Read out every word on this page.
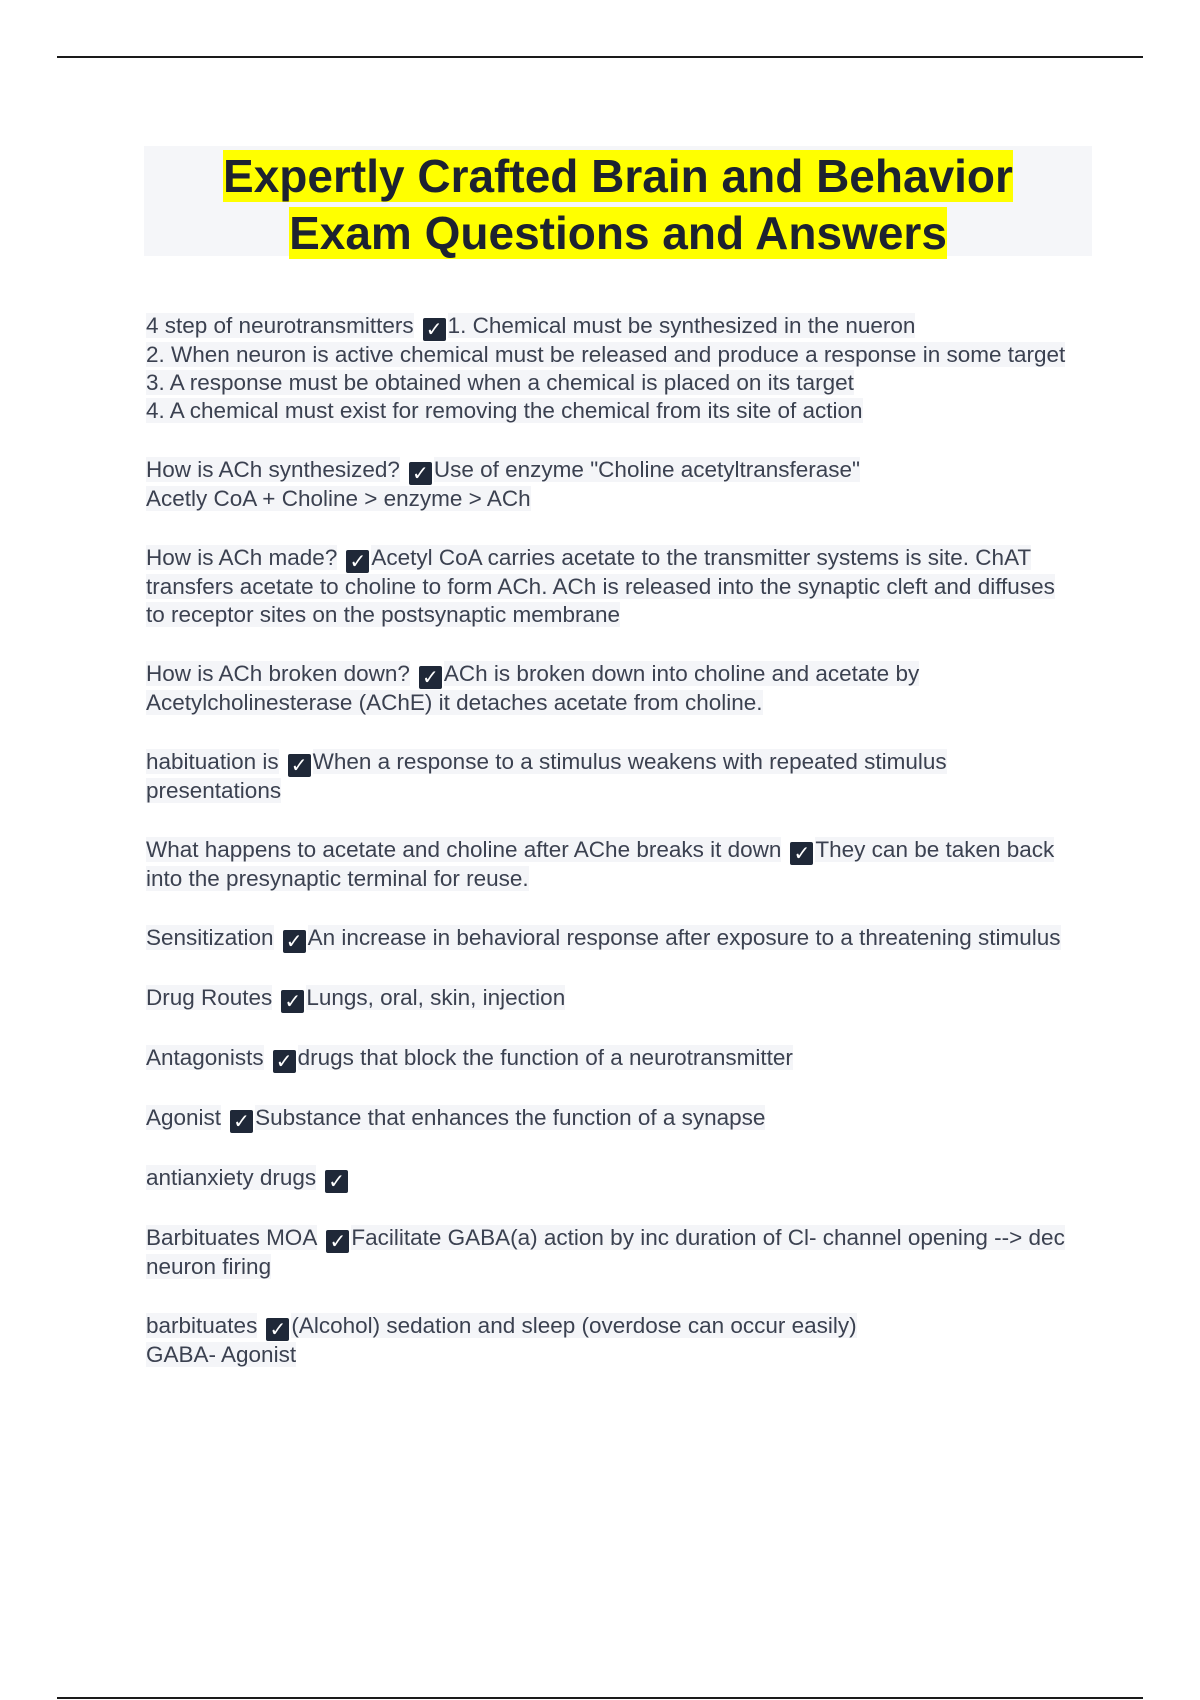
Expertly Crafted Brain and Behavior
Exam Questions and Answers
4 step of neurotransmitters ✓ 1. Chemical must be synthesized in the nueron
2. When neuron is active chemical must be released and produce a response in some target
3. A response must be obtained when a chemical is placed on its target
4. A chemical must exist for removing the chemical from its site of action
How is ACh synthesized? ✓ Use of enzyme "Choline acetyltransferase"
Acetly CoA + Choline > enzyme > ACh
How is ACh made? ✓ Acetyl CoA carries acetate to the transmitter systems is site. ChAT transfers acetate to choline to form ACh. ACh is released into the synaptic cleft and diffuses to receptor sites on the postsynaptic membrane
How is ACh broken down? ✓ ACh is broken down into choline and acetate by Acetylcholinesterase (AChE) it detaches acetate from choline.
habituation is ✓ When a response to a stimulus weakens with repeated stimulus presentations
What happens to acetate and choline after AChe breaks it down ✓ They can be taken back into the presynaptic terminal for reuse.
Sensitization ✓ An increase in behavioral response after exposure to a threatening stimulus
Drug Routes ✓ Lungs, oral, skin, injection
Antagonists ✓ drugs that block the function of a neurotransmitter
Agonist ✓ Substance that enhances the function of a synapse
antianxiety drugs ✓
Barbituates MOA ✓ Facilitate GABA(a) action by inc duration of Cl- channel opening --> dec neuron firing
barbituates ✓ (Alcohol) sedation and sleep (overdose can occur easily)
GABA- Agonist
